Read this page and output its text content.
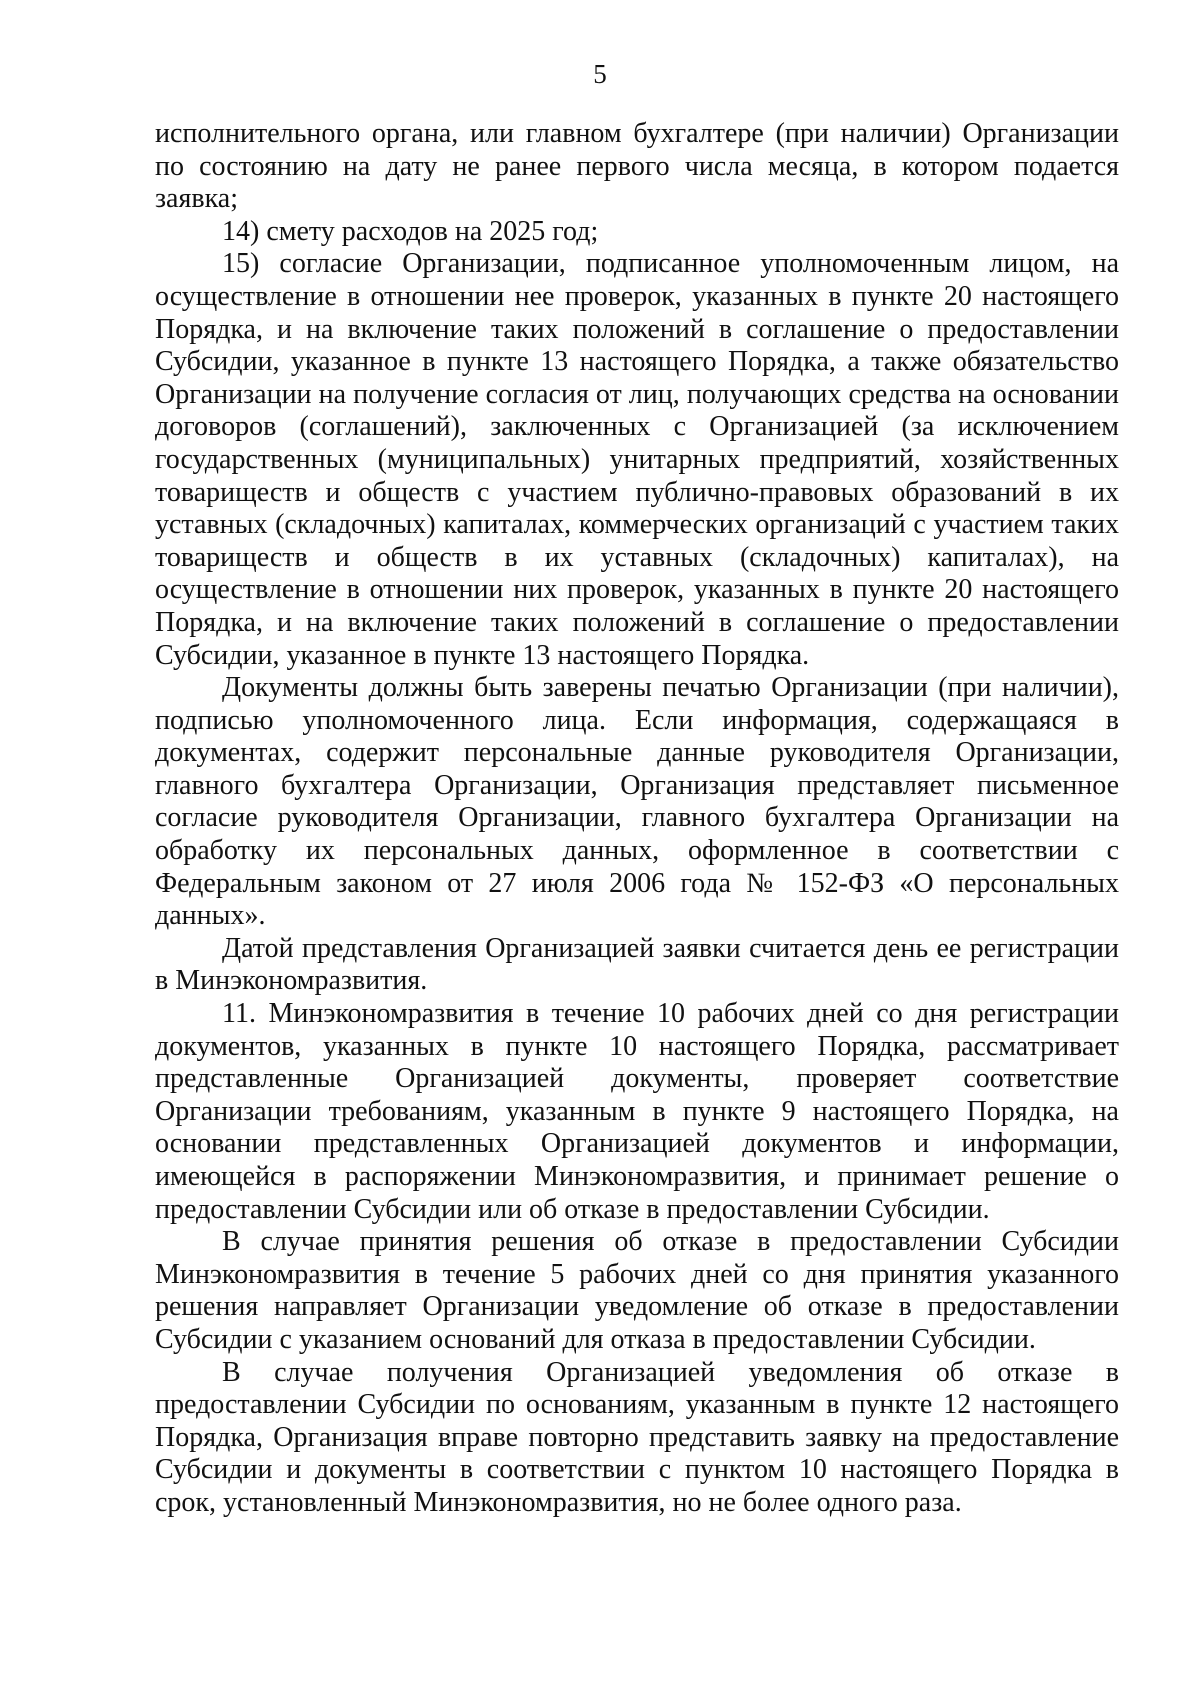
5

исполнительного органа, или главном бухгалтере (при наличии) Организации по состоянию на дату не ранее первого числа месяца, в котором подается заявка;

14) смету расходов на 2025 год;

15) согласие Организации, подписанное уполномоченным лицом, на осуществление в отношении нее проверок, указанных в пункте 20 настоящего Порядка, и на включение таких положений в соглашение о предоставлении Субсидии, указанное в пункте 13 настоящего Порядка, а также обязательство Организации на получение согласия от лиц, получающих средства на основании договоров (соглашений), заключенных с Организацией (за исключением государственных (муниципальных) унитарных предприятий, хозяйственных товариществ и обществ с участием публично-правовых образований в их уставных (складочных) капиталах, коммерческих организаций с участием таких товариществ и обществ в их уставных (складочных) капиталах), на осуществление в отношении них проверок, указанных в пункте 20 настоящего Порядка, и на включение таких положений в соглашение о предоставлении Субсидии, указанное в пункте 13 настоящего Порядка.

Документы должны быть заверены печатью Организации (при наличии), подписью уполномоченного лица. Если информация, содержащаяся в документах, содержит персональные данные руководителя Организации, главного бухгалтера Организации, Организация представляет письменное согласие руководителя Организации, главного бухгалтера Организации на обработку их персональных данных, оформленное в соответствии с Федеральным законом от 27 июля 2006 года № 152-ФЗ «О персональных данных».

Датой представления Организацией заявки считается день ее регистрации в Минэкономразвития.

11. Минэкономразвития в течение 10 рабочих дней со дня регистрации документов, указанных в пункте 10 настоящего Порядка, рассматривает представленные Организацией документы, проверяет соответствие Организации требованиям, указанным в пункте 9 настоящего Порядка, на основании представленных Организацией документов и информации, имеющейся в распоряжении Минэкономразвития, и принимает решение о предоставлении Субсидии или об отказе в предоставлении Субсидии.

В случае принятия решения об отказе в предоставлении Субсидии Минэкономразвития в течение 5 рабочих дней со дня принятия указанного решения направляет Организации уведомление об отказе в предоставлении Субсидии с указанием оснований для отказа в предоставлении Субсидии.

В случае получения Организацией уведомления об отказе в предоставлении Субсидии по основаниям, указанным в пункте 12 настоящего Порядка, Организация вправе повторно представить заявку на предоставление Субсидии и документы в соответствии с пунктом 10 настоящего Порядка в срок, установленный Минэкономразвития, но не более одного раза.
